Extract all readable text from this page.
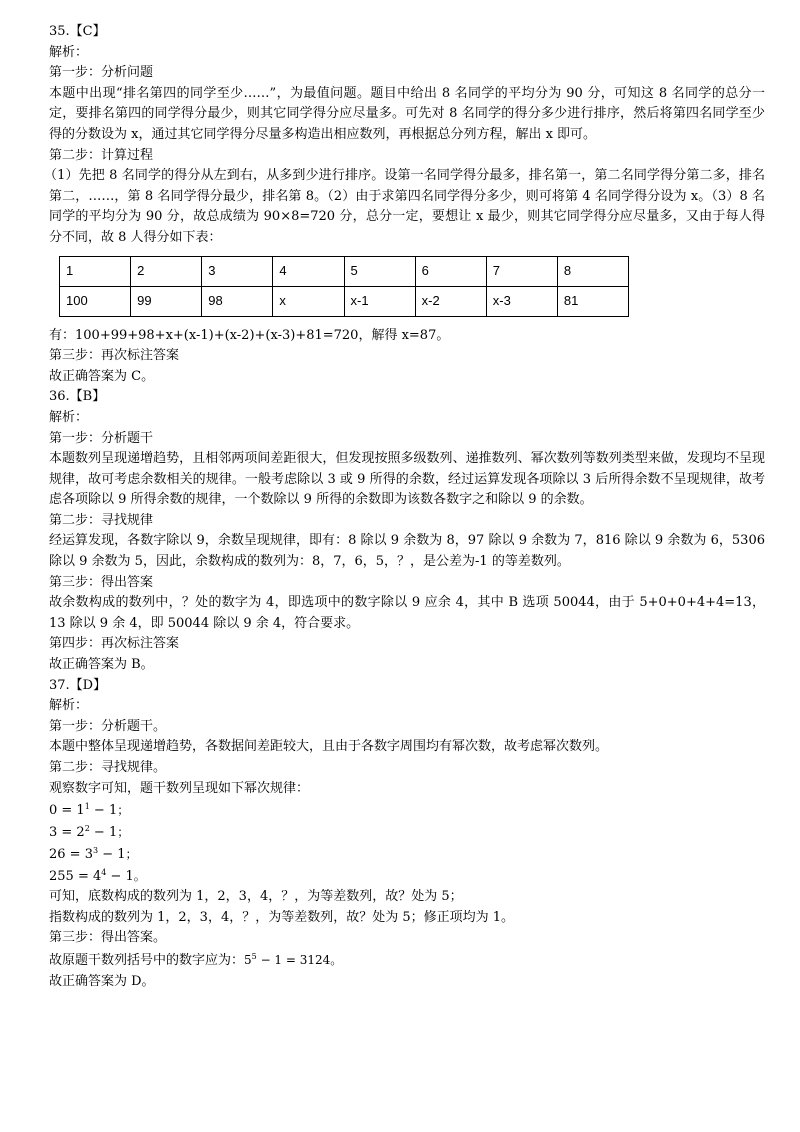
35.【C】
解析：
第一步：分析问题
本题中出现“排名第四的同学至少……”，为最值问题。题目中给出 8 名同学的平均分为 90 分，可知这 8 名同学的总分一定，要排名第四的同学得分最少，则其它同学得分应尽量多。可先对 8 名同学的得分多少进行排序，然后将第四名同学至少得的分数设为 x，通过其它同学得分尽量多构造出相应数列，再根据总分列方程，解出 x 即可。
第二步：计算过程
（1）先把 8 名同学的得分从左到右，从多到少进行排序。设第一名同学得分最多，排名第一，第二名同学得分第二多，排名第二，……，第 8 名同学得分最少，排名第 8。（2）由于求第四名同学得分多少，则可将第 4 名同学得分设为 x。（3）8 名同学的平均分为 90 分，故总成绩为 90×8=720 分，总分一定，要想让 x 最少，则其它同学得分应尽量多，又由于每人得分不同，故 8 人得分如下表：
1	2	3	4	5	6	7	8
100	99	98	x	x-1	x-2	x-3	81
有：100+99+98+x+(x-1)+(x-2)+(x-3)+81=720，解得 x=87。
第三步：再次标注答案
故正确答案为 C。
36.【B】
解析：
第一步：分析题干
本题数列呈现递增趋势，且相邻两项间差距很大，但发现按照多级数列、递推数列、幂次数列等数列类型来做，发现均不呈现规律，故可考虑余数相关的规律。一般考虑除以 3 或 9 所得的余数，经过运算发现各项除以 3 后所得余数不呈现规律，故考虑各项除以 9 所得余数的规律，一个数除以 9 所得的余数即为该数各数字之和除以 9 的余数。
第二步：寻找规律
经运算发现，各数字除以 9，余数呈现规律，即有：8 除以 9 余数为 8，97 除以 9 余数为 7，816 除以 9 余数为 6，5306 除以 9 余数为 5，因此，余数构成的数列为：8，7，6，5，？，是公差为-1 的等差数列。
第三步：得出答案
故余数构成的数列中，？处的数字为 4，即选项中的数字除以 9 应余 4，其中 B 选项 50044，由于 5+0+0+4+4=13，13 除以 9 余 4，即 50044 除以 9 余 4，符合要求。
第四步：再次标注答案
故正确答案为 B。
37.【D】
解析：
第一步：分析题干。
本题中整体呈现递增趋势，各数据间差距较大，且由于各数字周围均有幂次数，故考虑幂次数列。
第二步：寻找规律。
观察数字可知，题干数列呈现如下幂次规律：
$0 = 1^1 - 1$；
$3 = 2^2 - 1$；
$26 = 3^3 - 1$；
$255 = 4^4 - 1$。
可知，底数构成的数列为 1，2，3，4，？，为等差数列，故？处为 5；
指数构成的数列为 1，2，3，4，？，为等差数列，故？处为 5；修正项均为 1。
第三步：得出答案。
故原题干数列括号中的数字应为：$5^5 - 1 = 3124$。
故正确答案为 D。
